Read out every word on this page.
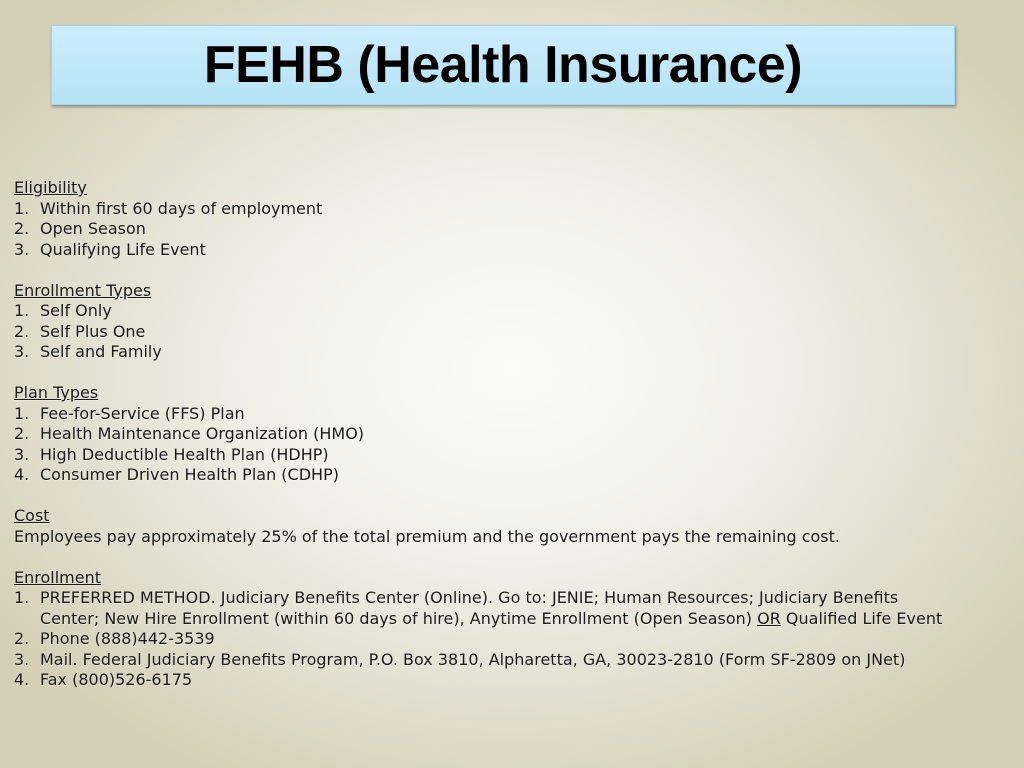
FEHB (Health Insurance)
Eligibility
1. Within first 60 days of employment
2. Open Season
3. Qualifying Life Event
Enrollment Types
1. Self Only
2. Self Plus One
3. Self and Family
Plan Types
1. Fee-for-Service (FFS) Plan
2. Health Maintenance Organization (HMO)
3. High Deductible Health Plan (HDHP)
4. Consumer Driven Health Plan (CDHP)
Cost

Employees pay approximately 25% of the total premium and the government pays the remaining cost.

Enrollment
1. PREFERRED METHOD. Judiciary Benefits Center (Online). Go to: JENIE; Human Resources; Judiciary Benefits Center; New Hire Enrollment (within 60 days of hire), Anytime Enrollment (Open Season) OR Qualified Life Event
2. Phone (888)442-3539
3. Mail. Federal Judiciary Benefits Program, P.O. Box 3810, Alpharetta, GA, 30023-2810 (Form SF-2809 on JNet)
4. Fax (800)526-6175
